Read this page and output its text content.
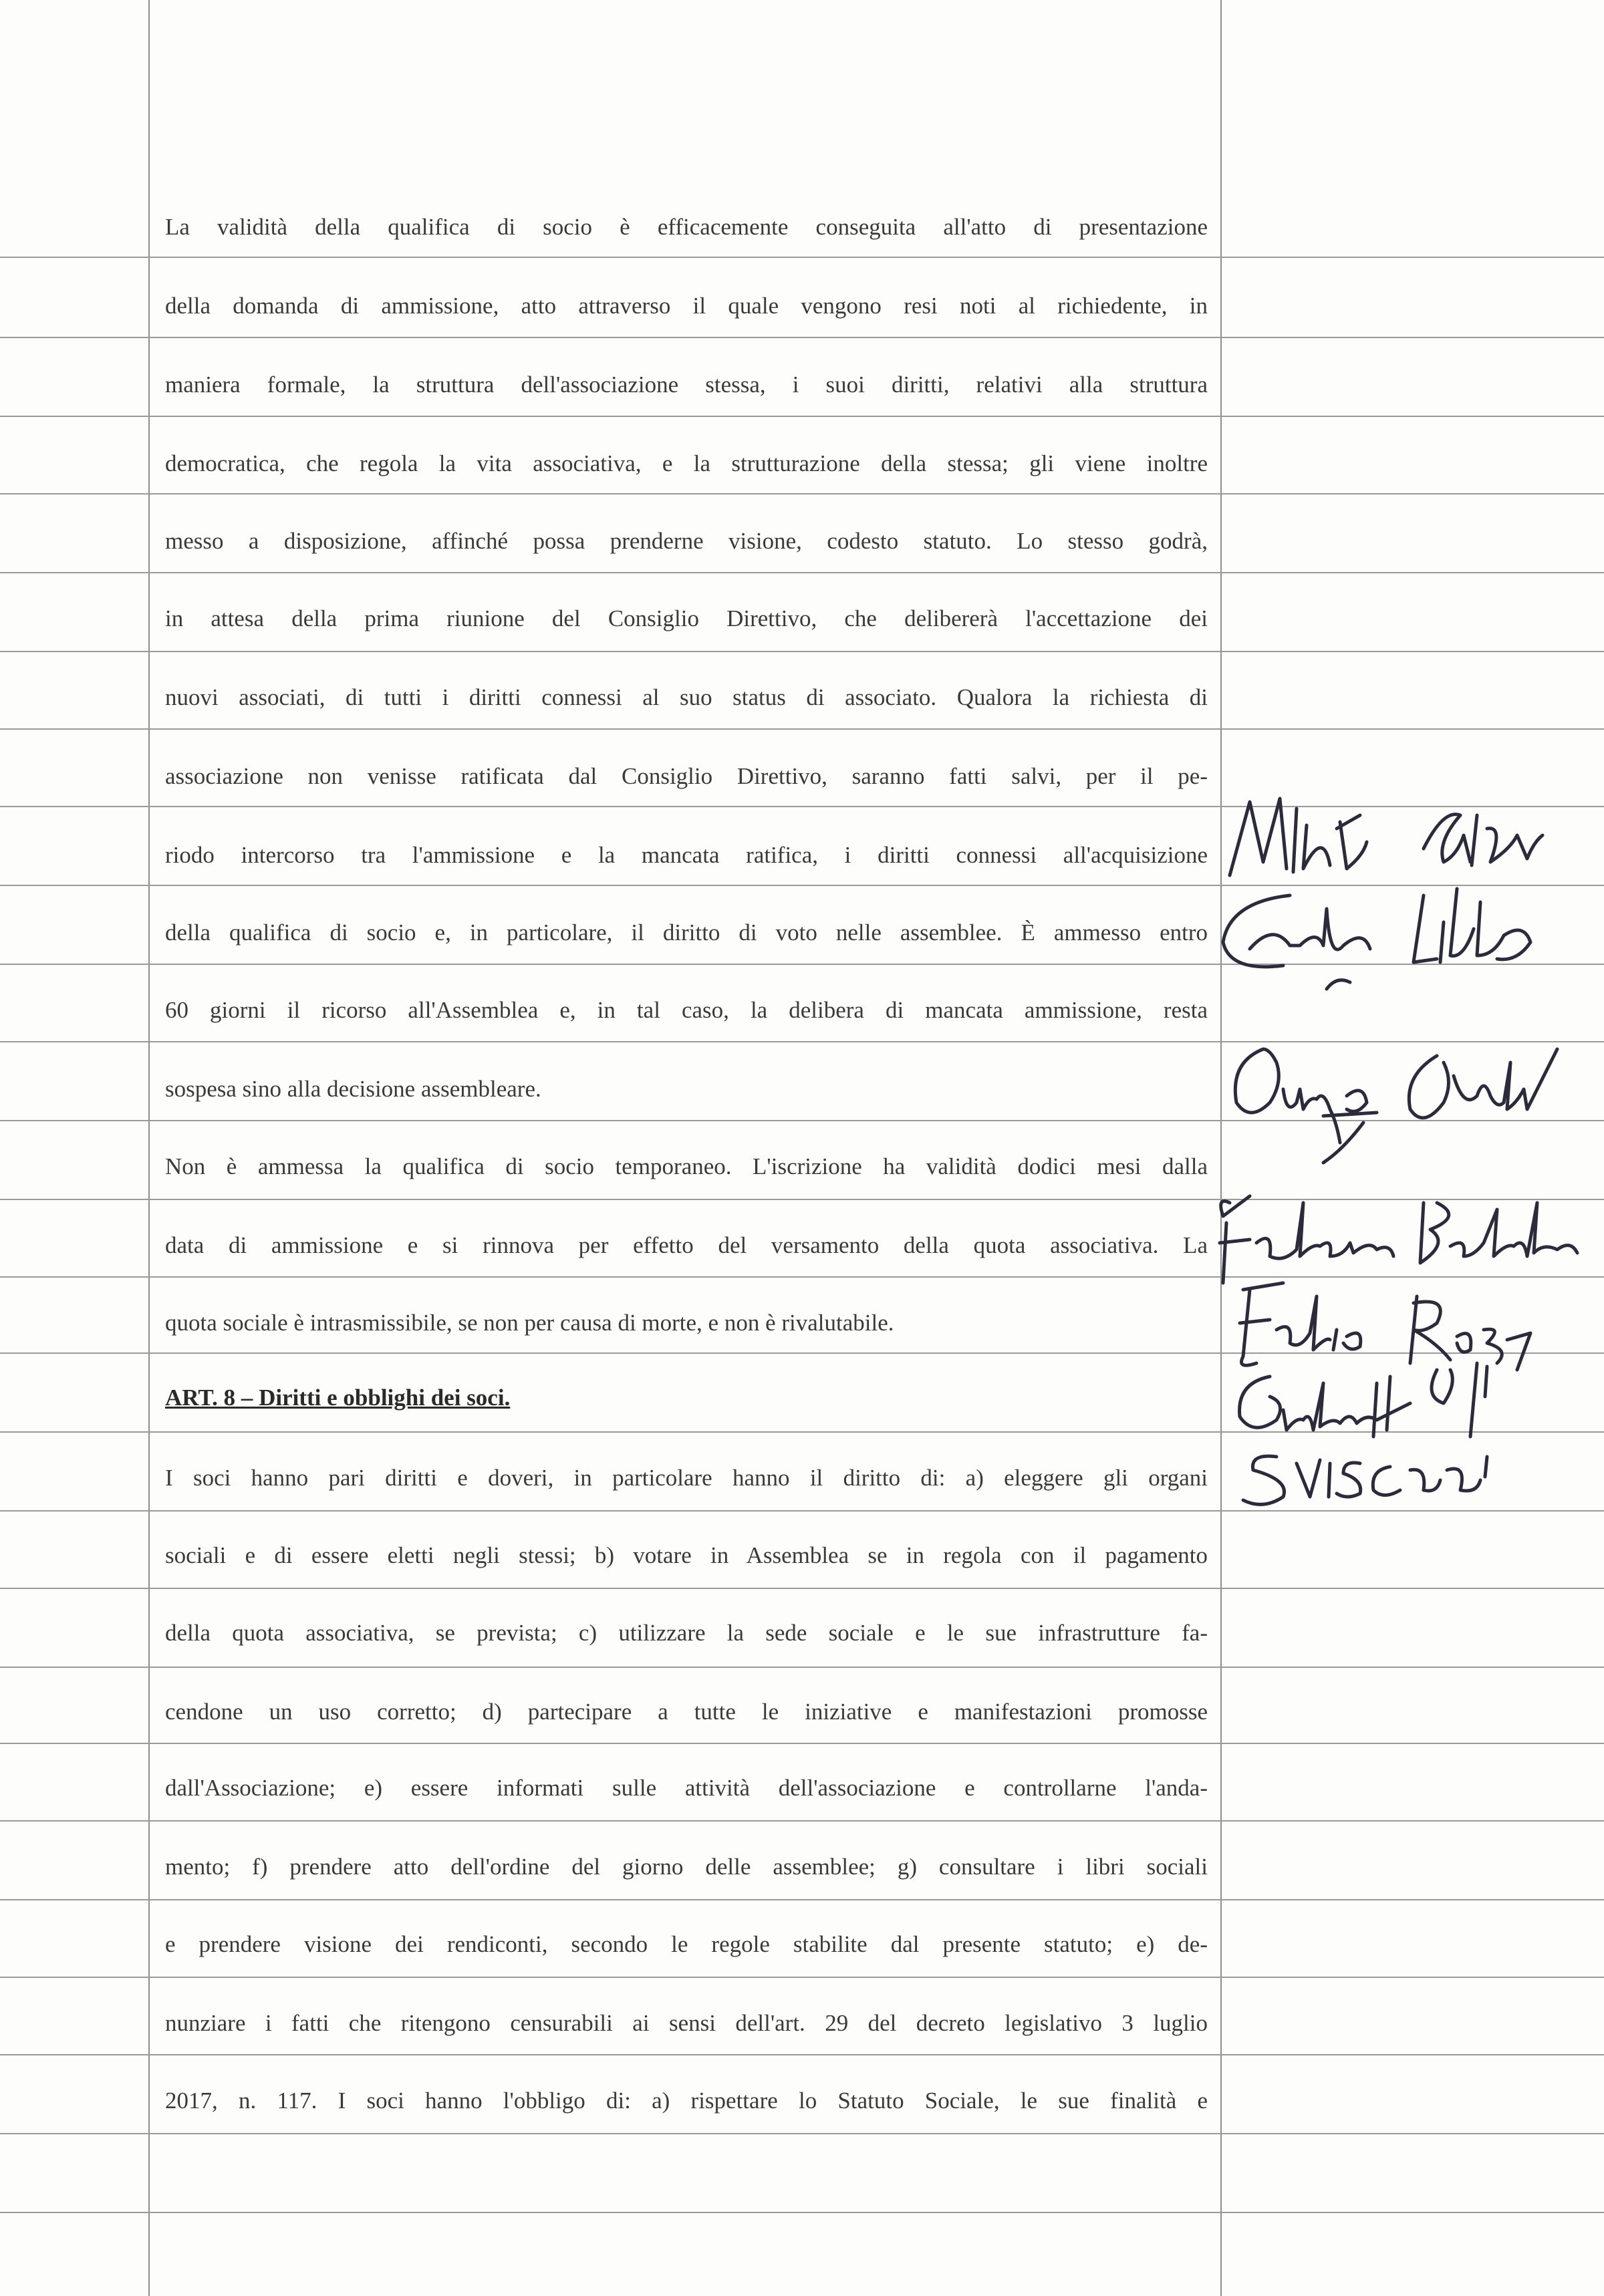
La validità della qualifica di socio è efficacemente conseguita all'atto di presentazione
della domanda di ammissione, atto attraverso il quale vengono resi noti al richiedente, in
maniera formale, la struttura dell'associazione stessa, i suoi diritti, relativi alla struttura
democratica, che regola la vita associativa, e la strutturazione della stessa; gli viene inoltre
messo a disposizione, affinché possa prenderne visione, codesto statuto. Lo stesso godrà,
in attesa della prima riunione del Consiglio Direttivo, che delibererà l'accettazione dei
nuovi associati, di tutti i diritti connessi al suo status di associato. Qualora la richiesta di
associazione non venisse ratificata dal Consiglio Direttivo, saranno fatti salvi, per il pe-
riodo intercorso tra l'ammissione e la mancata ratifica, i diritti connessi all'acquisizione
della qualifica di socio e, in particolare, il diritto di voto nelle assemblee. È ammesso entro
60 giorni il ricorso all'Assemblea e, in tal caso, la delibera di mancata ammissione, resta
sospesa sino alla decisione assembleare.
Non è ammessa la qualifica di socio temporaneo. L'iscrizione ha validità dodici mesi dalla
data di ammissione e si rinnova per effetto del versamento della quota associativa. La
quota sociale è intrasmissibile, se non per causa di morte, e non è rivalutabile.
ART. 8 – Diritti e obblighi dei soci.
I soci hanno pari diritti e doveri, in particolare hanno il diritto di: a) eleggere gli organi
sociali e di essere eletti negli stessi; b) votare in Assemblea se in regola con il pagamento
della quota associativa, se prevista; c) utilizzare la sede sociale e le sue infrastrutture fa-
cendone un uso corretto; d) partecipare a tutte le iniziative e manifestazioni promosse
dall'Associazione; e) essere informati sulle attività dell'associazione e controllarne l'anda-
mento; f) prendere atto dell'ordine del giorno delle assemblee; g) consultare i libri sociali
e prendere visione dei rendiconti, secondo le regole stabilite dal presente statuto; e) de-
nunziare i fatti che ritengono censurabili ai sensi dell'art. 29 del decreto legislativo 3 luglio
2017, n. 117. I soci hanno l'obbligo di: a) rispettare lo Statuto Sociale, le sue finalità e
